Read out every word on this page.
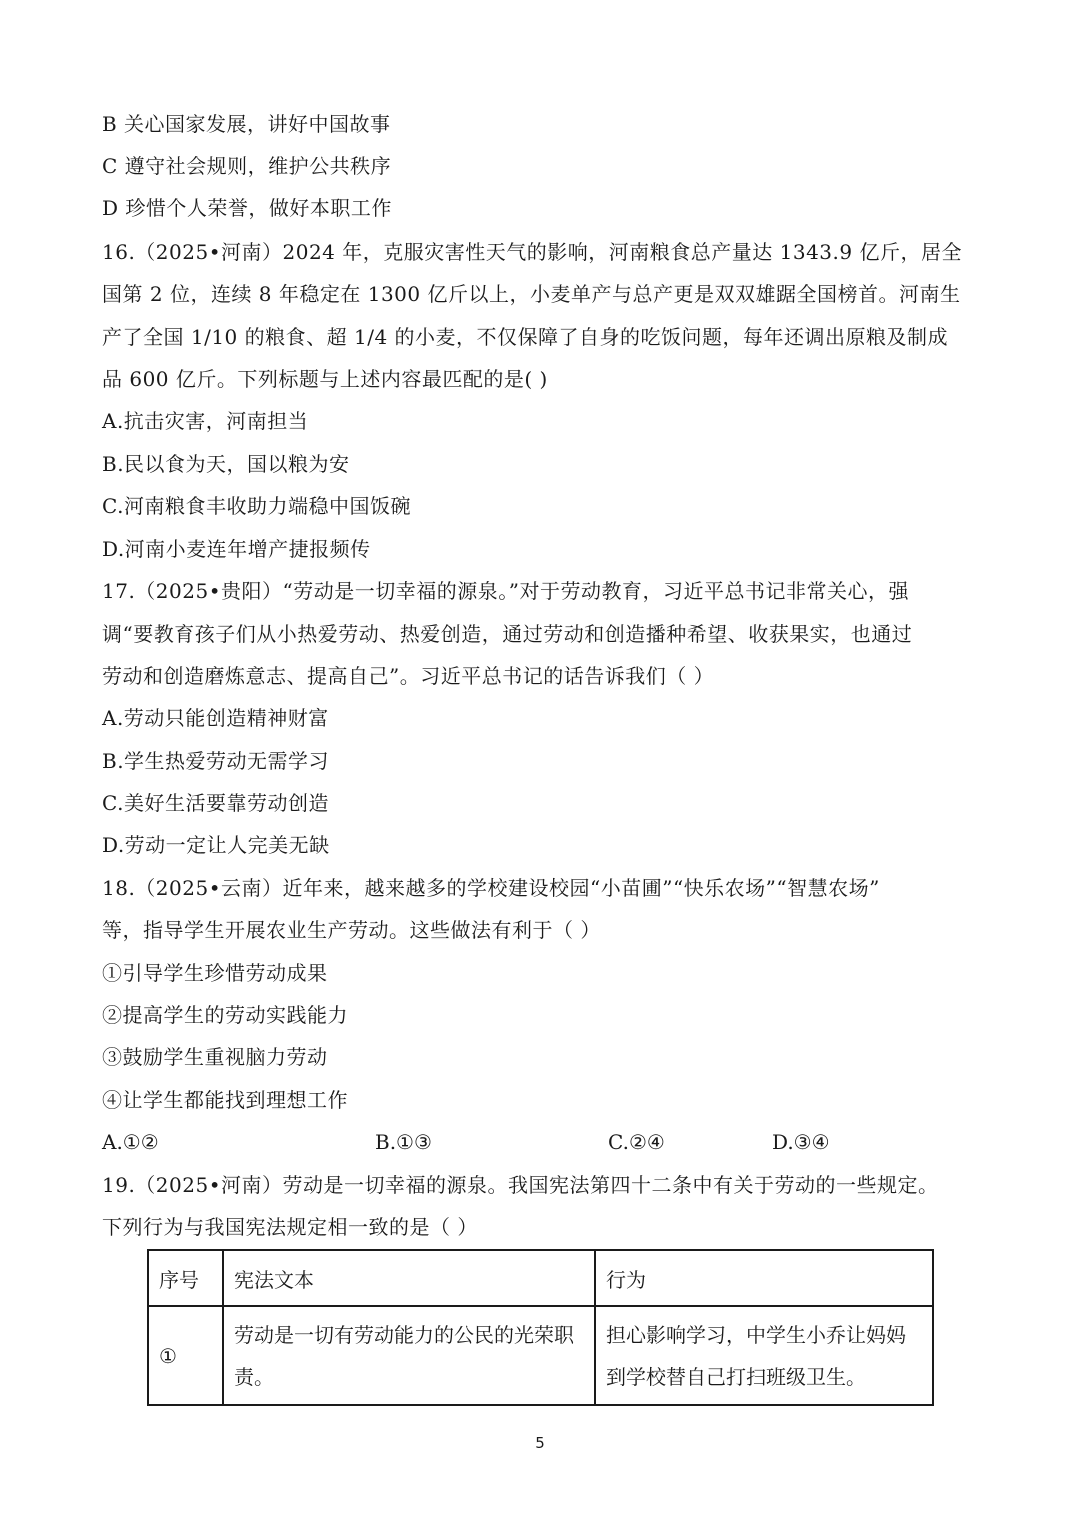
B 关心国家发展，讲好中国故事
C 遵守社会规则，维护公共秩序
D 珍惜个人荣誉，做好本职工作
16.（2025•河南）2024 年，克服灾害性天气的影响，河南粮食总产量达 1343.9 亿斤，居全
国第 2 位，连续 8 年稳定在 1300 亿斤以上，小麦单产与总产更是双双雄踞全国榜首。河南生
产了全国 1/10 的粮食、超 1/4 的小麦，不仅保障了自身的吃饭问题，每年还调出原粮及制成
品 600 亿斤。下列标题与上述内容最匹配的是( )
A.抗击灾害，河南担当
B.民以食为天，国以粮为安
C.河南粮食丰收助力端稳中国饭碗
D.河南小麦连年增产捷报频传
17.（2025•贵阳）“劳动是一切幸福的源泉。”对于劳动教育，习近平总书记非常关心，强
调“要教育孩子们从小热爱劳动、热爱创造，通过劳动和创造播种希望、收获果实，也通过
劳动和创造磨炼意志、提高自己”。习近平总书记的话告诉我们（ ）
A.劳动只能创造精神财富
B.学生热爱劳动无需学习
C.美好生活要靠劳动创造
D.劳动一定让人完美无缺
18.（2025•云南）近年来，越来越多的学校建设校园“小苗圃”“快乐农场”“智慧农场”
等，指导学生开展农业生产劳动。这些做法有利于（ ）
①引导学生珍惜劳动成果
②提高学生的劳动实践能力
③鼓励学生重视脑力劳动
④让学生都能找到理想工作
A.①②	B.①③	C.②④	D.③④
19.（2025•河南）劳动是一切幸福的源泉。我国宪法第四十二条中有关于劳动的一些规定。
下列行为与我国宪法规定相一致的是（ ）
序号	宪法文本	行为
①	劳动是一切有劳动能力的公民的光荣职责。	担心影响学习，中学生小乔让妈妈到学校替自己打扫班级卫生。
5
